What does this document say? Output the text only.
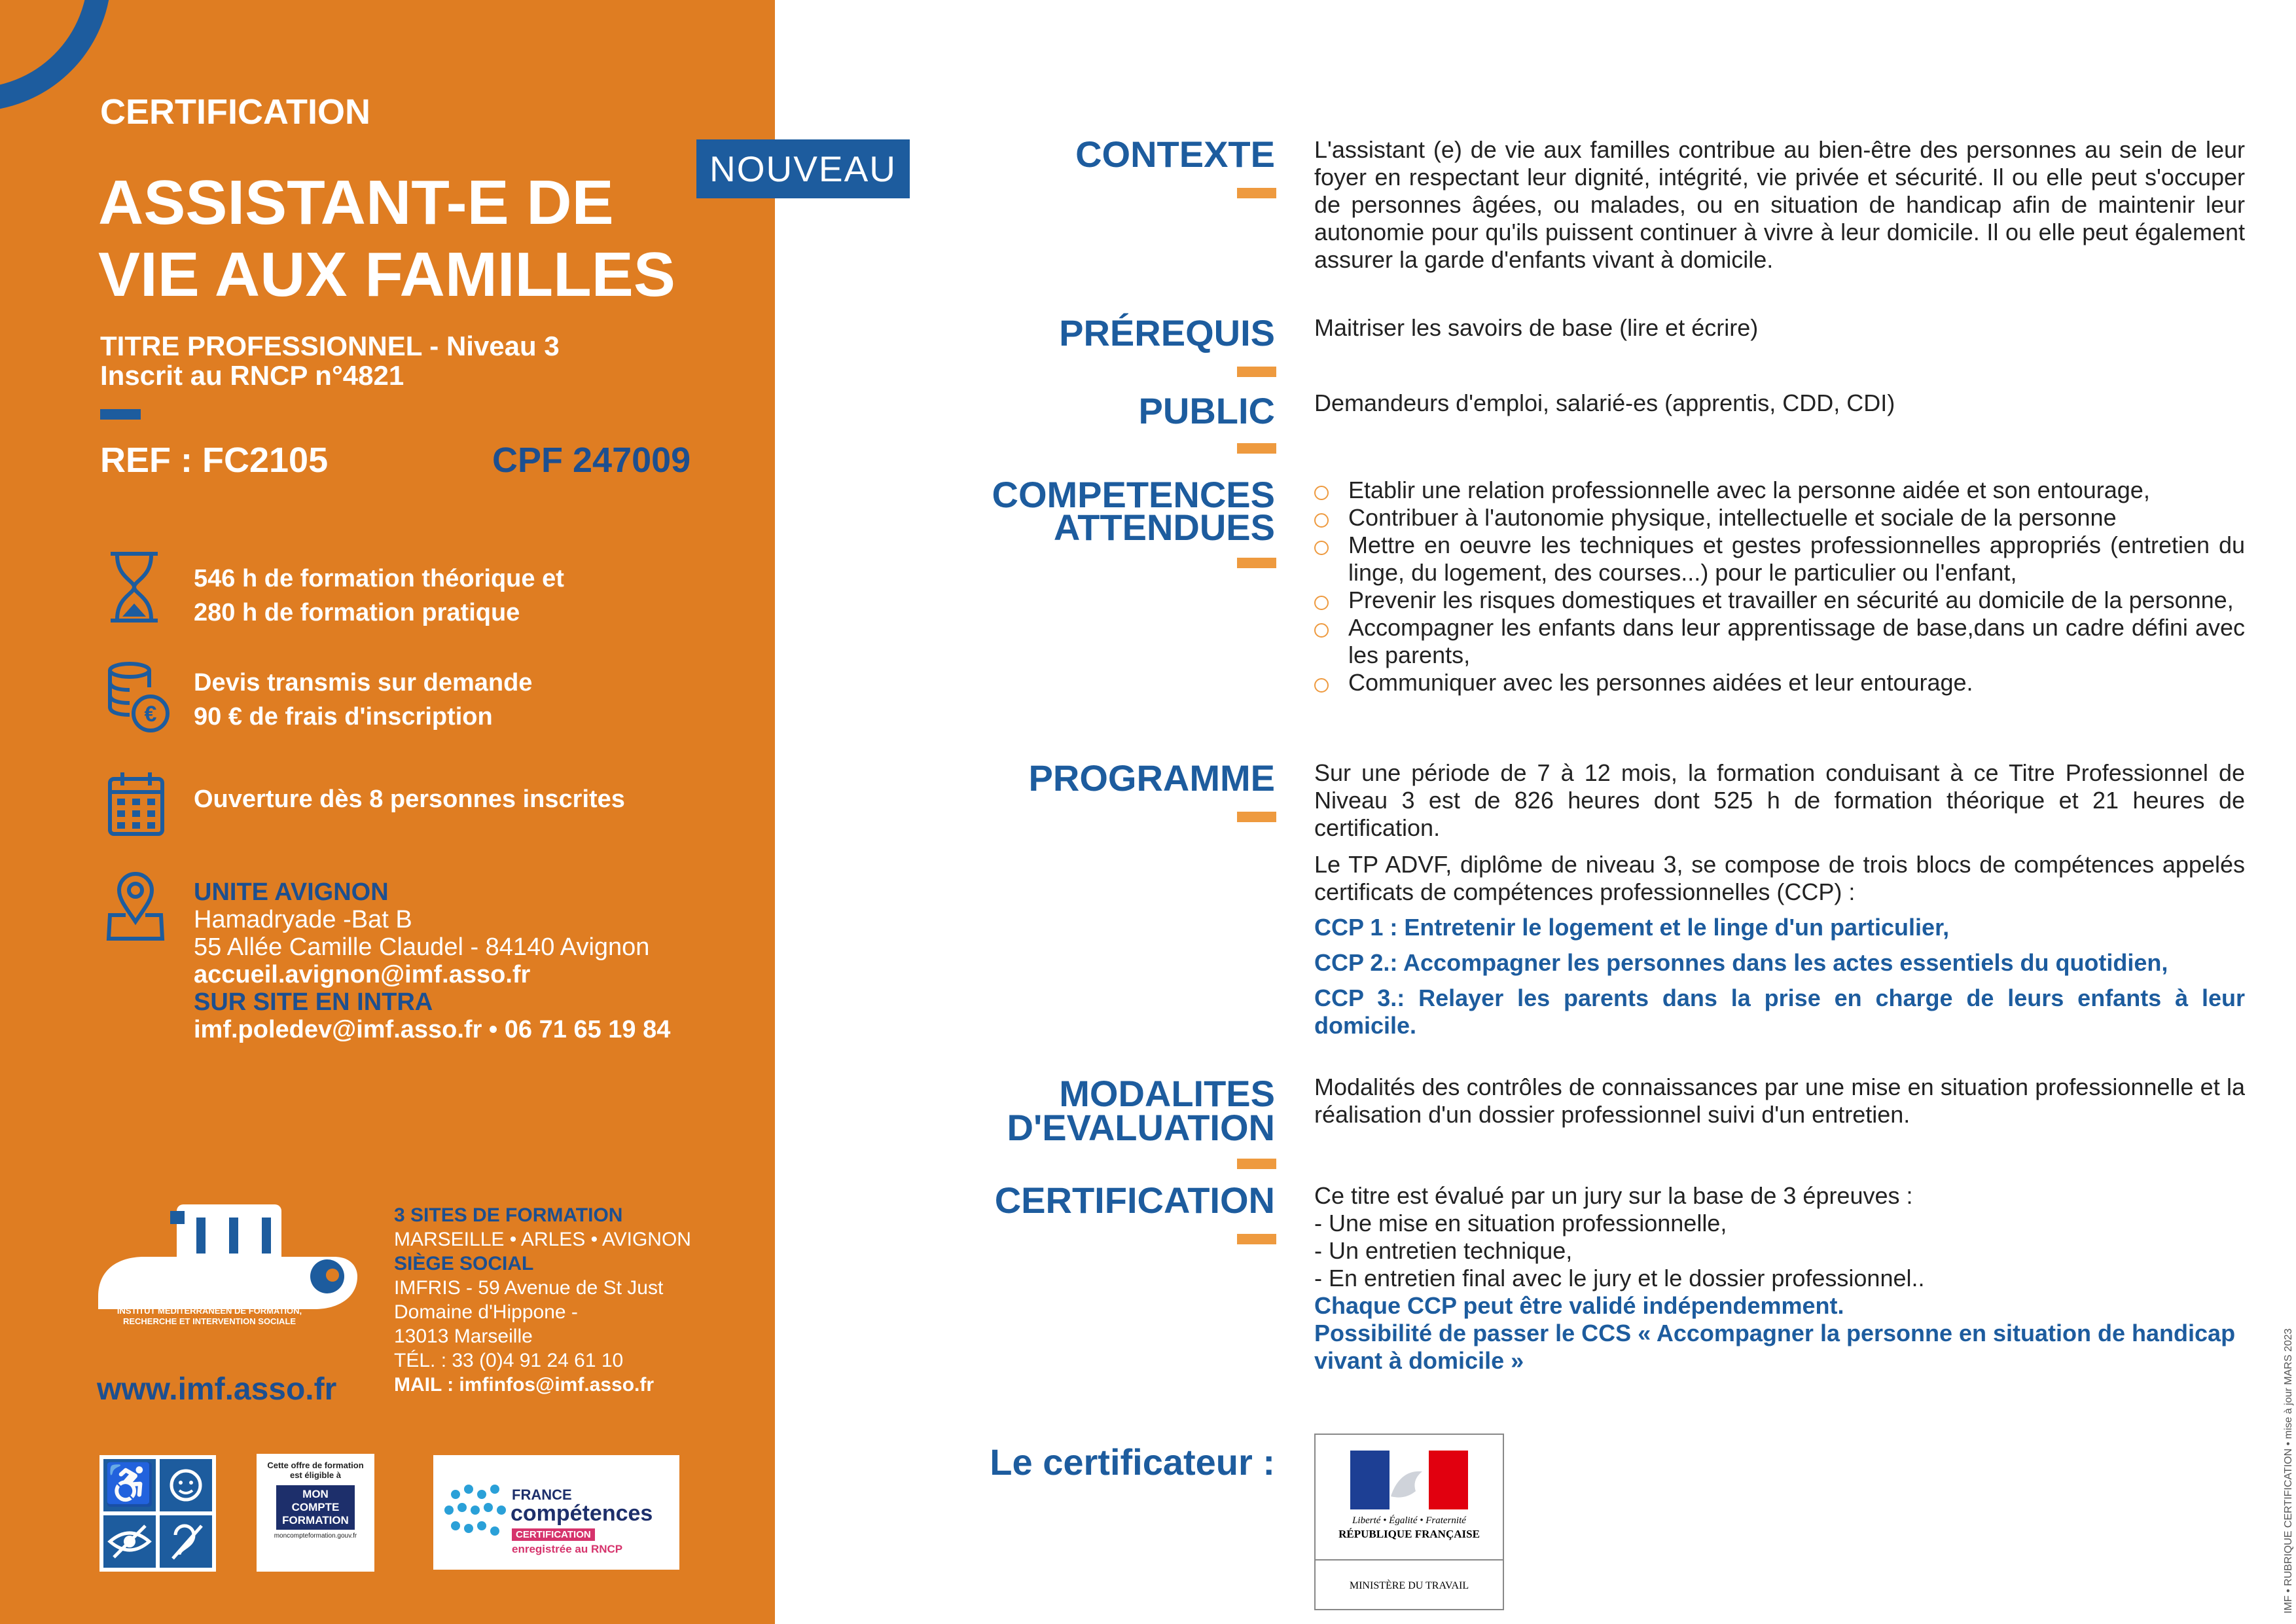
CERTIFICATION
ASSISTANT-E DE
VIE AUX FAMILLES
TITRE PROFESSIONNEL - Niveau 3
Inscrit au RNCP n°4821
REF : FC2105	CPF 247009
546 h de formation théorique et
280 h de formation pratique
€
Devis transmis sur demande
90 € de frais d'inscription
Ouverture dès 8 personnes inscrites
UNITE AVIGNON
Hamadryade -Bat B
55 Allée Camille Claudel - 84140 Avignon
accueil.avignon@imf.asso.fr
SUR SITE EN INTRA
imf.poledev@imf.asso.fr • 06 71 65 19 84
INSTITUT MÉDITERRANÉEN DE FORMATION, RECHERCHE ET INTERVENTION SOCIALE
3 SITES DE FORMATION
MARSEILLE • ARLES • AVIGNON
SIÈGE SOCIAL
IMFRIS - 59 Avenue de St Just
Domaine d'Hippone -
13013 Marseille
TÉL. : 33 (0)4 91 24 61 10
MAIL : imfinfos@imf.asso.fr
www.imf.asso.fr
♿	Cette offre de formation
est éligible à
MON
COMPTE
FORMATION
moncompteformation.gouv.fr
FRANCE
compétences
CERTIFICATION
enregistrée au RNCP
NOUVEAU	CONTEXTE L'assistant (e) de vie aux familles contribue au bien-être des personnes au sein de leur foyer en respectant leur dignité, intégrité, vie privée et sécurité. Il ou elle peut s'occuper de personnes âgées, ou malades, ou en situation de handicap afin de maintenir leur autonomie pour qu'ils puissent continuer à vivre à leur domicile. Il ou elle peut également assurer la garde d'enfants vivant à domicile.
PRÉREQUIS Maitriser les savoirs de base (lire et écrire)
PUBLIC Demandeurs d'emploi, salarié-es (apprentis, CDD, CDI)
COMPETENCES
ATTENDUES
Etablir une relation professionnelle avec la personne aidée et son entourage,
Contribuer à l'autonomie physique, intellectuelle et sociale de la personne
Mettre en oeuvre les techniques et gestes professionnelles appropriés (entretien du linge, du logement, des courses...) pour le particulier ou l'enfant,
Prevenir les risques domestiques et travailler en sécurité au domicile de la personne,
Accompagner les enfants dans leur apprentissage de base,dans un cadre défini avec les parents,
Communiquer avec les personnes aidées et leur entourage.
PROGRAMME Sur une période de 7 à 12 mois, la formation conduisant à ce Titre Professionnel de Niveau 3 est de 826 heures dont 525 h de formation théorique et 21 heures de certification.

Le TP ADVF, diplôme de niveau 3, se compose de trois blocs de compétences appelés certificats de compétences professionnelles (CCP) :

CCP 1 : Entretenir le logement et le linge d'un particulier,

CCP 2.: Accompagner les personnes dans les actes essentiels du quotidien,

CCP 3.: Relayer les parents dans la prise en charge de leurs enfants à leur domicile.

MODALITES
D'EVALUATION
Modalités des contrôles de connaissances par une mise en situation professionnelle et la réalisation d'un dossier professionnel suivi d'un entretien.
CERTIFICATION Ce titre est évalué par un jury sur la base de 3 épreuves :

- Une mise en situation professionnelle,

- Un entretien technique,

- En entretien final avec le jury et le dossier professionnel..

Chaque CCP peut être validé indépendemment.

Possibilité de passer le CCS « Accompagner la personne en situation de handicap vivant à domicile »

Le certificateur :
Liberté • Égalité • Fraternité
RÉPUBLIQUE FRANÇAISE
MINISTÈRE DU TRAVAIL	IMF • RUBRIQUE CERTIFICATION • mise à jour MARS 2023
